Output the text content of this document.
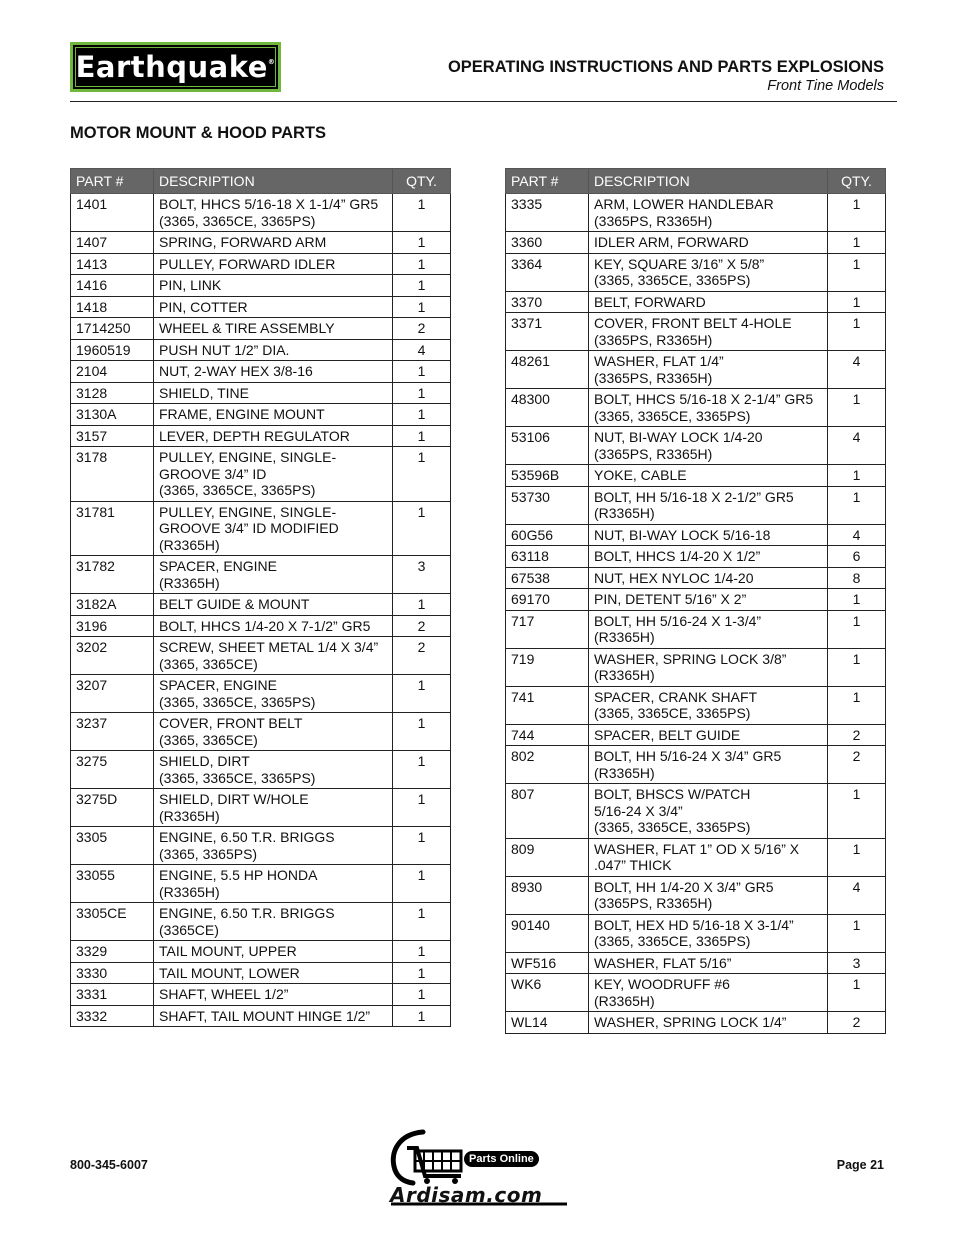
Earthquake®	OPERATING INSTRUCTIONS AND PARTS EXPLOSIONS
Front Tine Models
MOTOR MOUNT & HOOD PARTS
PART #	DESCRIPTION	QTY.
1401	BOLT, HHCS 5/16-18 X 1-1/4” GR5
(3365, 3365CE, 3365PS)	1
1407	SPRING, FORWARD ARM	1
1413	PULLEY, FORWARD IDLER	1
1416	PIN, LINK	1
1418	PIN, COTTER	1
1714250	WHEEL & TIRE ASSEMBLY	2
1960519	PUSH NUT 1/2” DIA.	4
2104	NUT, 2-WAY HEX 3/8-16	1
3128	SHIELD, TINE	1
3130A	FRAME, ENGINE MOUNT	1
3157	LEVER, DEPTH REGULATOR	1
3178	PULLEY, ENGINE, SINGLE-
GROOVE 3/4” ID
(3365, 3365CE, 3365PS)	1
31781	PULLEY, ENGINE, SINGLE-
GROOVE 3/4” ID MODIFIED
(R3365H)	1
31782	SPACER, ENGINE
(R3365H)	3
3182A	BELT GUIDE & MOUNT	1
3196	BOLT, HHCS 1/4-20 X 7-1/2” GR5	2
3202	SCREW, SHEET METAL 1/4 X 3/4”
(3365, 3365CE)	2
3207	SPACER, ENGINE
(3365, 3365CE, 3365PS)	1
3237	COVER, FRONT BELT
(3365, 3365CE)	1
3275	SHIELD, DIRT
(3365, 3365CE, 3365PS)	1
3275D	SHIELD, DIRT W/HOLE
(R3365H)	1
3305	ENGINE, 6.50 T.R. BRIGGS
(3365, 3365PS)	1
33055	ENGINE, 5.5 HP HONDA
(R3365H)	1
3305CE	ENGINE, 6.50 T.R. BRIGGS
(3365CE)	1
3329	TAIL MOUNT, UPPER	1
3330	TAIL MOUNT, LOWER	1
3331	SHAFT, WHEEL 1/2”	1
3332	SHAFT, TAIL MOUNT HINGE 1/2”	1
PART #	DESCRIPTION	QTY.
3335	ARM, LOWER HANDLEBAR
(3365PS, R3365H)	1
3360	IDLER ARM, FORWARD	1
3364	KEY, SQUARE 3/16” X 5/8”
(3365, 3365CE, 3365PS)	1
3370	BELT, FORWARD	1
3371	COVER, FRONT BELT 4-HOLE
(3365PS, R3365H)	1
48261	WASHER, FLAT 1/4”
(3365PS, R3365H)	4
48300	BOLT, HHCS 5/16-18 X 2-1/4” GR5
(3365, 3365CE, 3365PS)	1
53106	NUT, BI-WAY LOCK 1/4-20
(3365PS, R3365H)	4
53596B	YOKE, CABLE	1
53730	BOLT, HH 5/16-18 X 2-1/2” GR5
(R3365H)	1
60G56	NUT, BI-WAY LOCK 5/16-18	4
63118	BOLT, HHCS 1/4-20 X 1/2”	6
67538	NUT, HEX NYLOC 1/4-20	8
69170	PIN, DETENT 5/16” X 2”	1
717	BOLT, HH 5/16-24 X 1-3/4”
(R3365H)	1
719	WASHER, SPRING LOCK 3/8”
(R3365H)	1
741	SPACER, CRANK SHAFT
(3365, 3365CE, 3365PS)	1
744	SPACER, BELT GUIDE	2
802	BOLT, HH 5/16-24 X 3/4” GR5
(R3365H)	2
807	BOLT, BHSCS W/PATCH
5/16-24 X 3/4”
(3365, 3365CE, 3365PS)	1
809	WASHER, FLAT 1” OD X 5/16” X
.047” THICK	1
8930	BOLT, HH 1/4-20 X 3/4” GR5
(3365PS, R3365H)	4
90140	BOLT, HEX HD 5/16-18 X 3-1/4”
(3365, 3365CE, 3365PS)	1
WF516	WASHER, FLAT 5/16”	3
WK6	KEY, WOODRUFF #6
(R3365H)	1
WL14	WASHER, SPRING LOCK 1/4”	2
800-345-6007	Page 21
Parts Online
Ardisam.com
